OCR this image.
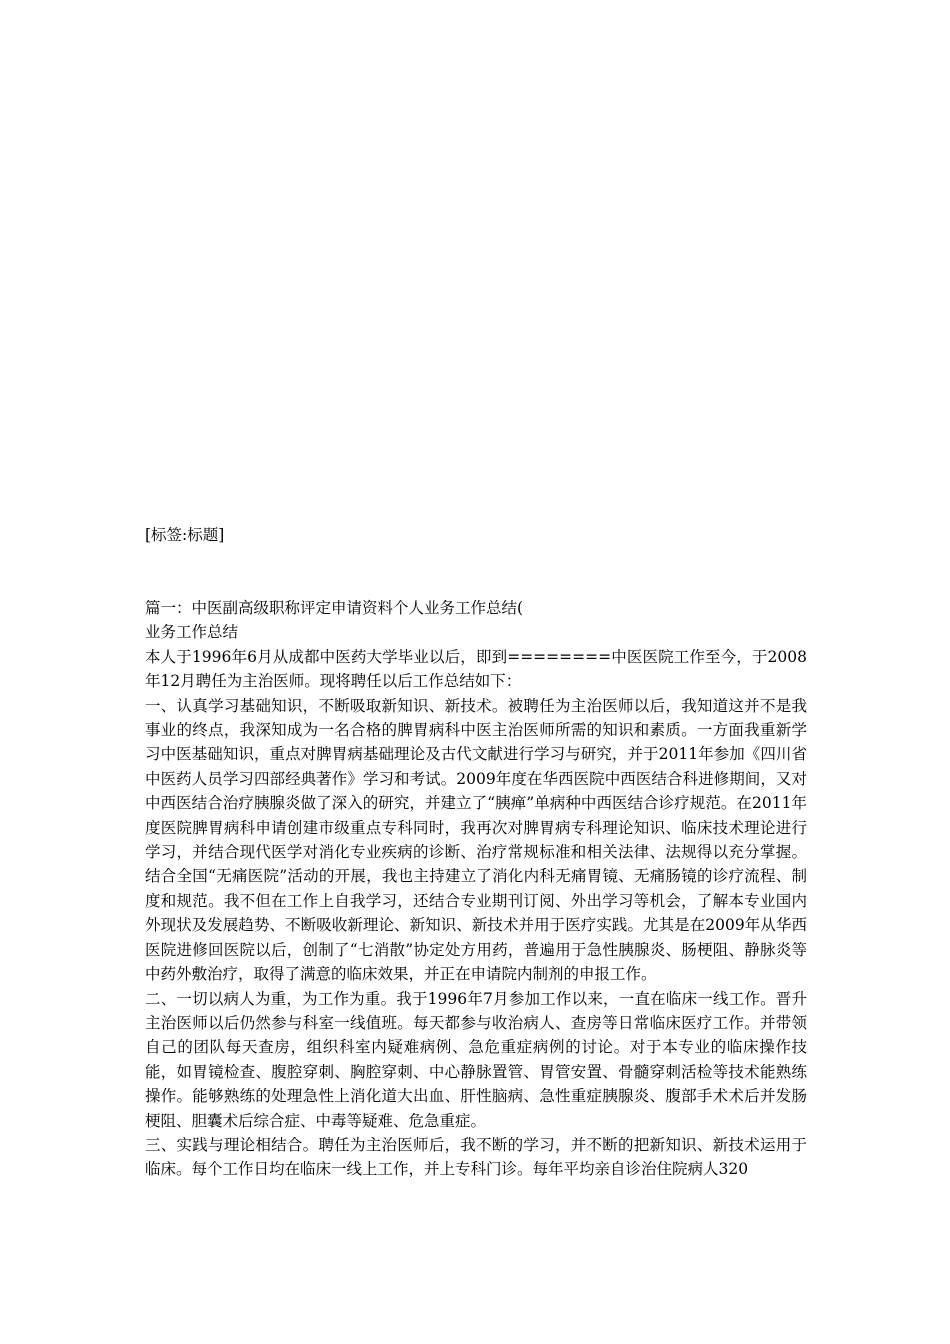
[标签:标题]

篇一：中医副高级职称评定申请资料个人业务工作总结(

业务工作总结

本人于1996年6月从成都中医药大学毕业以后，即到========中医医院工作至今，于2008年12月聘任为主治医师。现将聘任以后工作总结如下：

一、认真学习基础知识，不断吸取新知识、新技术。被聘任为主治医师以后，我知道这并不是我事业的终点，我深知成为一名合格的脾胃病科中医主治医师所需的知识和素质。一方面我重新学习中医基础知识，重点对脾胃病基础理论及古代文献进行学习与研究，并于2011年参加《四川省中医药人员学习四部经典著作》学习和考试。2009年度在华西医院中西医结合科进修期间，又对中西医结合治疗胰腺炎做了深入的研究，并建立了“胰瘅”单病种中西医结合诊疗规范。在2011年度医院脾胃病科申请创建市级重点专科同时，我再次对脾胃病专科理论知识、临床技术理论进行学习，并结合现代医学对消化专业疾病的诊断、治疗常规标准和相关法律、法规得以充分掌握。结合全国“无痛医院”活动的开展，我也主持建立了消化内科无痛胃镜、无痛肠镜的诊疗流程、制度和规范。我不但在工作上自我学习，还结合专业期刊订阅、外出学习等机会，了解本专业国内外现状及发展趋势、不断吸收新理论、新知识、新技术并用于医疗实践。尤其是在2009年从华西医院进修回医院以后，创制了“七消散”协定处方用药，普遍用于急性胰腺炎、肠梗阻、静脉炎等中药外敷治疗，取得了满意的临床效果，并正在申请院内制剂的申报工作。

二、一切以病人为重，为工作为重。我于1996年7月参加工作以来，一直在临床一线工作。晋升主治医师以后仍然参与科室一线值班。每天都参与收治病人、查房等日常临床医疗工作。并带领自己的团队每天查房，组织科室内疑难病例、急危重症病例的讨论。对于本专业的临床操作技能，如胃镜检查、腹腔穿刺、胸腔穿刺、中心静脉置管、胃管安置、骨髓穿刺活检等技术能熟练操作。能够熟练的处理急性上消化道大出血、肝性脑病、急性重症胰腺炎、腹部手术术后并发肠梗阻、胆囊术后综合症、中毒等疑难、危急重症。

三、实践与理论相结合。聘任为主治医师后，我不断的学习，并不断的把新知识、新技术运用于临床。每个工作日均在临床一线上工作，并上专科门诊。每年平均亲自诊治住院病人320
